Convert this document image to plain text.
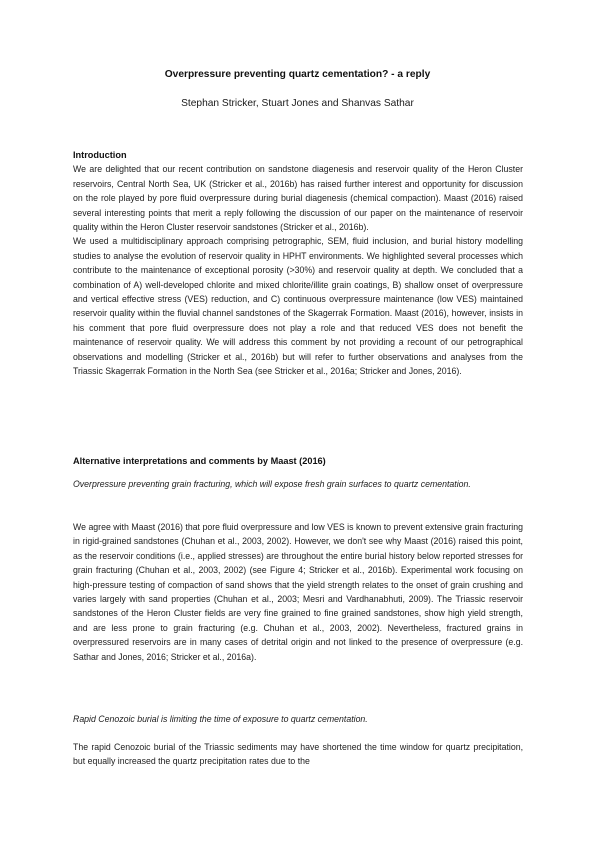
Overpressure preventing quartz cementation? - a reply
Stephan Stricker, Stuart Jones and Shanvas Sathar
Introduction
We are delighted that our recent contribution on sandstone diagenesis and reservoir quality of the Heron Cluster reservoirs, Central North Sea, UK (Stricker et al., 2016b) has raised further interest and opportunity for discussion on the role played by pore fluid overpressure during burial diagenesis (chemical compaction). Maast (2016) raised several interesting points that merit a reply following the discussion of our paper on the maintenance of reservoir quality within the Heron Cluster reservoir sandstones (Stricker et al., 2016b).
We used a multidisciplinary approach comprising petrographic, SEM, fluid inclusion, and burial history modelling studies to analyse the evolution of reservoir quality in HPHT environments. We highlighted several processes which contribute to the maintenance of exceptional porosity (>30%) and reservoir quality at depth. We concluded that a combination of A) well-developed chlorite and mixed chlorite/illite grain coatings, B) shallow onset of overpressure and vertical effective stress (VES) reduction, and C) continuous overpressure maintenance (low VES) maintained reservoir quality within the fluvial channel sandstones of the Skagerrak Formation. Maast (2016), however, insists in his comment that pore fluid overpressure does not play a role and that reduced VES does not benefit the maintenance of reservoir quality. We will address this comment by not providing a recount of our petrographical observations and modelling (Stricker et al., 2016b) but will refer to further observations and analyses from the Triassic Skagerrak Formation in the North Sea (see Stricker et al., 2016a; Stricker and Jones, 2016).
Alternative interpretations and comments by Maast (2016)
Overpressure preventing grain fracturing, which will expose fresh grain surfaces to quartz cementation.
We agree with Maast (2016) that pore fluid overpressure and low VES is known to prevent extensive grain fracturing in rigid-grained sandstones (Chuhan et al., 2003, 2002). However, we don't see why Maast (2016) raised this point, as the reservoir conditions (i.e., applied stresses) are throughout the entire burial history below reported stresses for grain fracturing (Chuhan et al., 2003, 2002) (see Figure 4; Stricker et al., 2016b). Experimental work focusing on high-pressure testing of compaction of sand shows that the yield strength relates to the onset of grain crushing and varies largely with sand properties (Chuhan et al., 2003; Mesri and Vardhanabhuti, 2009). The Triassic reservoir sandstones of the Heron Cluster fields are very fine grained to fine grained sandstones, show high yield strength, and are less prone to grain fracturing (e.g. Chuhan et al., 2003, 2002). Nevertheless, fractured grains in overpressured reservoirs are in many cases of detrital origin and not linked to the presence of overpressure (e.g. Sathar and Jones, 2016; Stricker et al., 2016a).
Rapid Cenozoic burial is limiting the time of exposure to quartz cementation.
The rapid Cenozoic burial of the Triassic sediments may have shortened the time window for quartz precipitation, but equally increased the quartz precipitation rates due to the
